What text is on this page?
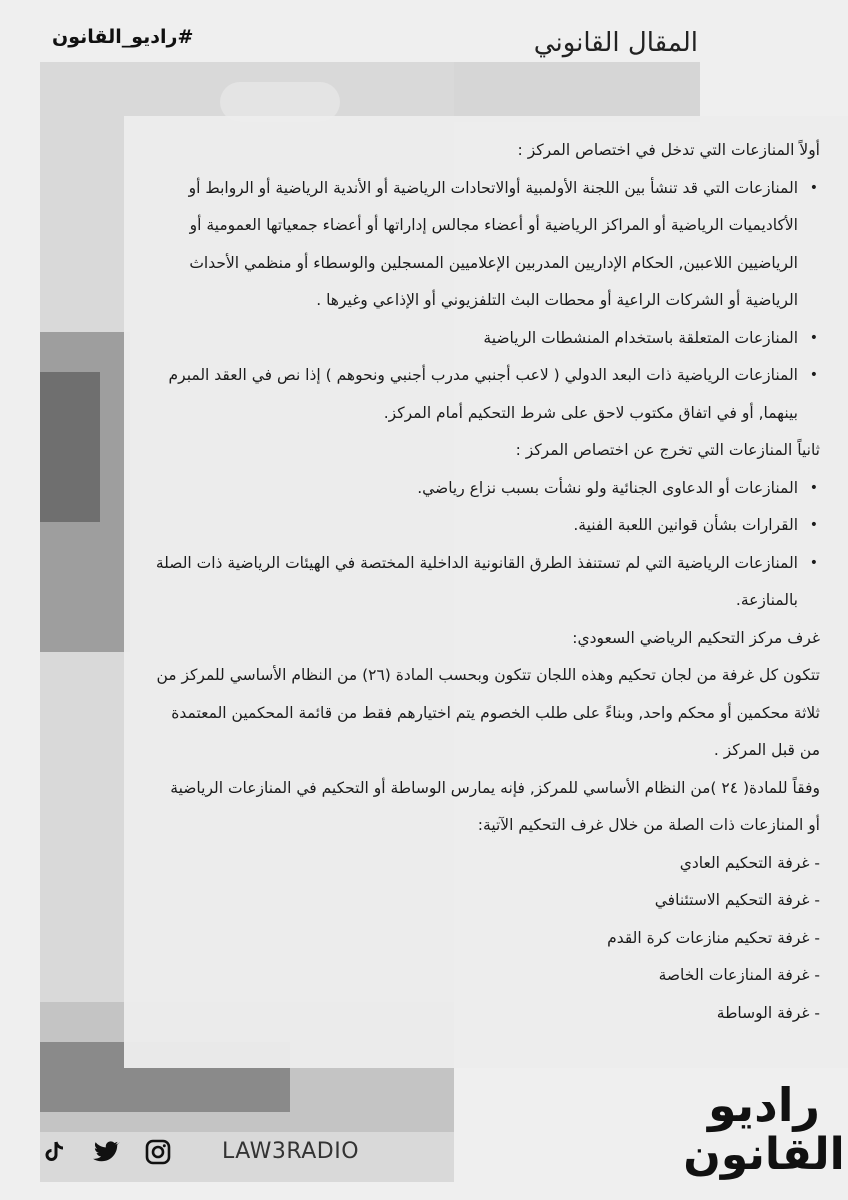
#راديو_القانون	المقال القانوني

أولاً المنازعات التي تدخل في اختصاص المركز :

• المنازعات التي قد تنشأ بين اللجنة الأولمبية أوالاتحادات الرياضية أو الأندية الرياضية أو الروابط أو الأكاديميات الرياضية أو المراكز الرياضية أو أعضاء مجالس إداراتها أو أعضاء جمعياتها العمومية أو الرياضيين اللاعبين, الحكام الإداريين المدربين الإعلاميين المسجلين والوسطاء أو منظمي الأحداث الرياضية أو الشركات الراعية أو محطات البث التلفزيوني أو الإذاعي وغيرها .
• المنازعات المتعلقة باستخدام المنشطات الرياضية
• المنازعات الرياضية ذات البعد الدولي ( لاعب أجنبي مدرب أجنبي ونحوهم ) إذا نص في العقد المبرم بينهما, أو في اتفاق مكتوب لاحق على شرط التحكيم أمام المركز.

ثانياً المنازعات التي تخرج عن اختصاص المركز :

• المنازعات أو الدعاوى الجنائية ولو نشأت بسبب نزاع رياضي.
• القرارات بشأن قوانين اللعبة الفنية.
• المنازعات الرياضية التي لم تستنفذ الطرق القانونية الداخلية المختصة في الهيئات الرياضية ذات الصلة بالمنازعة.

غرف مركز التحكيم الرياضي السعودي:

تتكون كل غرفة من لجان تحكيم وهذه اللجان تتكون وبحسب المادة (٢٦) من النظام الأساسي للمركز من ثلاثة محكمين أو محكم واحد, وبناءً على طلب الخصوم يتم اختيارهم فقط من قائمة المحكمين المعتمدة من قبل المركز .

وفقاً للمادة( ٢٤ )من النظام الأساسي للمركز, فإنه يمارس الوساطة أو التحكيم في المنازعات الرياضية أو المنازعات ذات الصلة من خلال غرف التحكيم الآتية:

- غرفة التحكيم العادي

- غرفة التحكيم الاستئنافي

- غرفة تحكيم منازعات كرة القدم

- غرفة المنازعات الخاصة

- غرفة الوساطة

LAW3RADIO
رادیو
القانون
